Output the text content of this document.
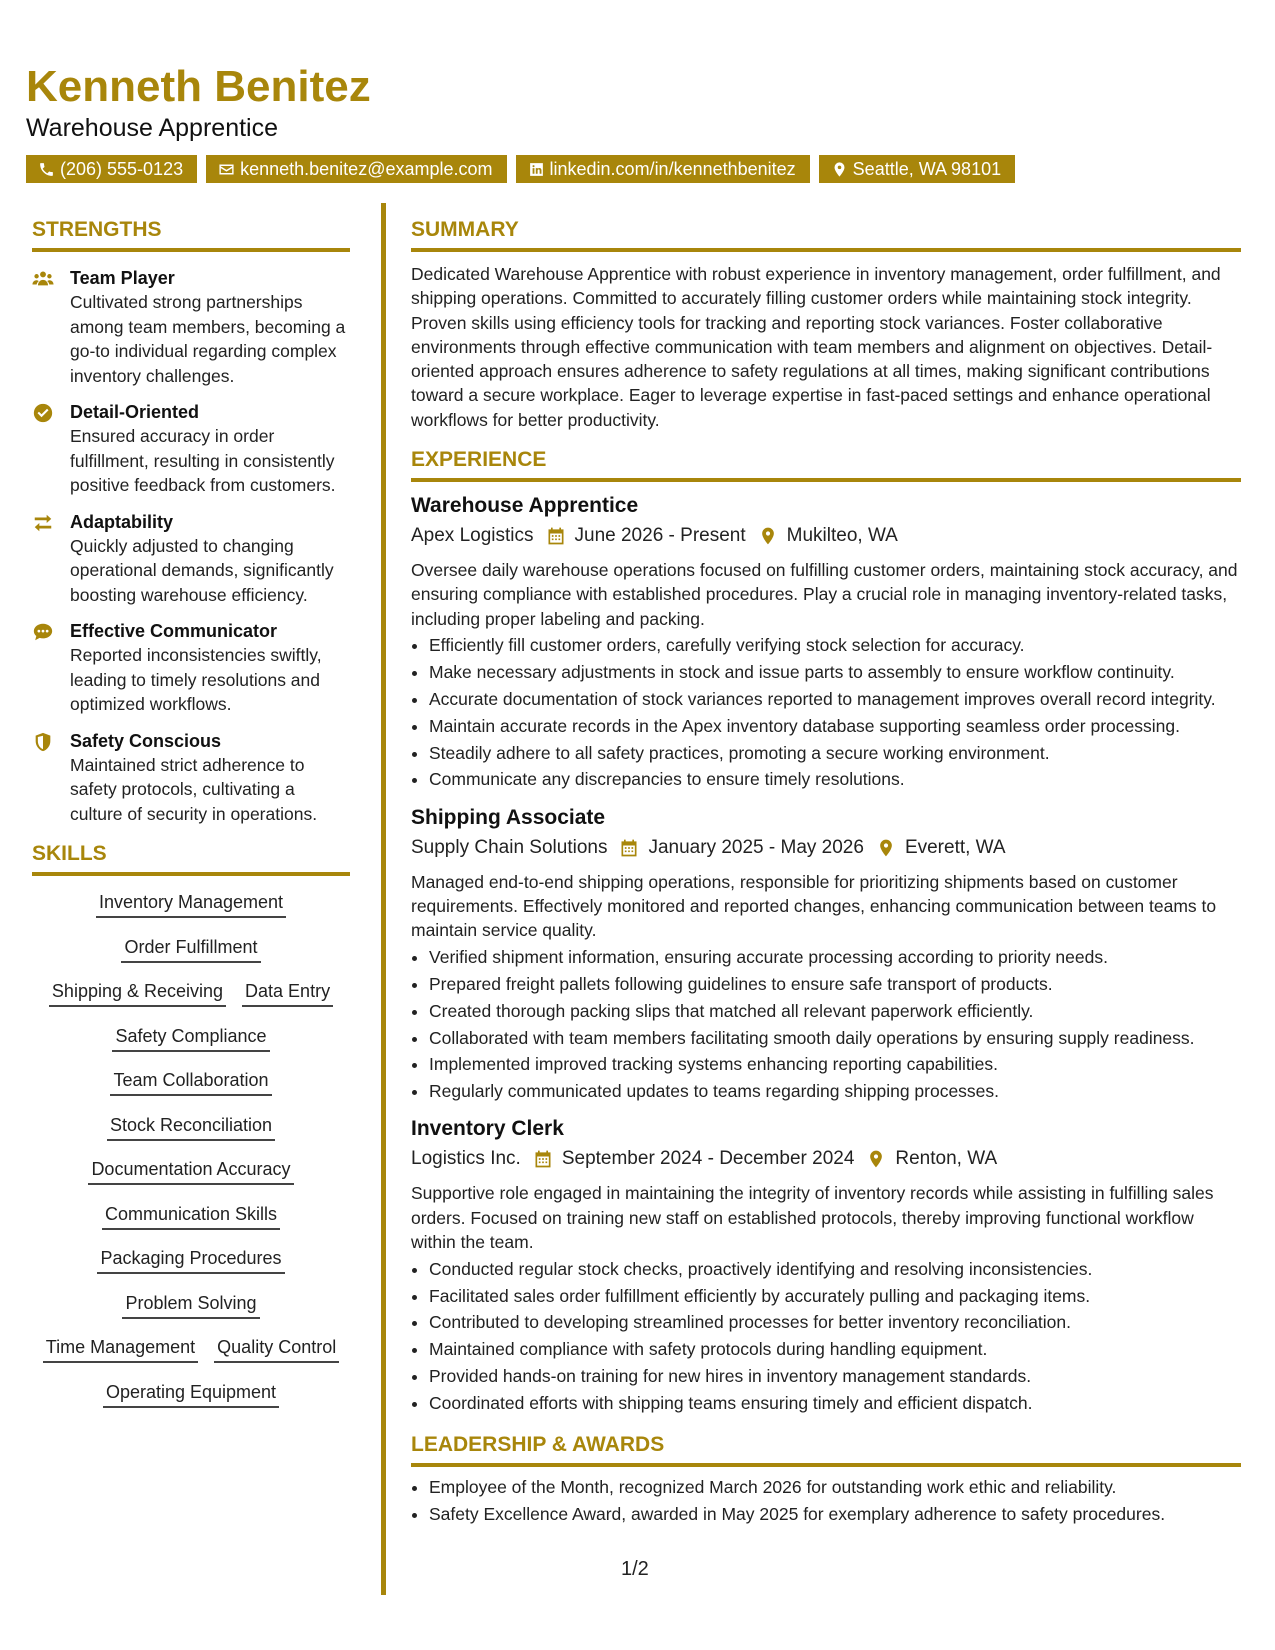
Kenneth Benitez
Warehouse Apprentice
(206) 555-0123	kenneth.benitez@example.com	linkedin.com/in/kennethbenitez	Seattle, WA 98101
STRENGTHS
Team Player
Cultivated strong partnerships among team members, becoming a go-to individual regarding complex inventory challenges.
Detail-Oriented
Ensured accuracy in order fulfillment, resulting in consistently positive feedback from customers.
Adaptability
Quickly adjusted to changing operational demands, significantly boosting warehouse efficiency.
Effective Communicator
Reported inconsistencies swiftly, leading to timely resolutions and optimized workflows.
Safety Conscious
Maintained strict adherence to safety protocols, cultivating a culture of security in operations.
SKILLS
Inventory Management
Order Fulfillment
Shipping & Receiving Data Entry
Safety Compliance
Team Collaboration
Stock Reconciliation
Documentation Accuracy
Communication Skills
Packaging Procedures
Problem Solving
Time Management Quality Control
Operating Equipment
SUMMARY

Dedicated Warehouse Apprentice with robust experience in inventory management, order fulfillment, and shipping operations. Committed to accurately filling customer orders while maintaining stock integrity. Proven skills using efficiency tools for tracking and reporting stock variances. Foster collaborative environments through effective communication with team members and alignment on objectives. Detail-oriented approach ensures adherence to safety regulations at all times, making significant contributions toward a secure workplace. Eager to leverage expertise in fast-paced settings and enhance operational workflows for better productivity.

EXPERIENCE
Warehouse Apprentice
Apex Logistics June 2026 - Present Mukilteo, WA

Oversee daily warehouse operations focused on fulfilling customer orders, maintaining stock accuracy, and ensuring compliance with established procedures. Play a crucial role in managing inventory-related tasks, including proper labeling and packing.

• Efficiently fill customer orders, carefully verifying stock selection for accuracy.
• Make necessary adjustments in stock and issue parts to assembly to ensure workflow continuity.
• Accurate documentation of stock variances reported to management improves overall record integrity.
• Maintain accurate records in the Apex inventory database supporting seamless order processing.
• Steadily adhere to all safety practices, promoting a secure working environment.
• Communicate any discrepancies to ensure timely resolutions.
Shipping Associate
Supply Chain Solutions January 2025 - May 2026 Everett, WA

Managed end-to-end shipping operations, responsible for prioritizing shipments based on customer requirements. Effectively monitored and reported changes, enhancing communication between teams to maintain service quality.

• Verified shipment information, ensuring accurate processing according to priority needs.
• Prepared freight pallets following guidelines to ensure safe transport of products.
• Created thorough packing slips that matched all relevant paperwork efficiently.
• Collaborated with team members facilitating smooth daily operations by ensuring supply readiness.
• Implemented improved tracking systems enhancing reporting capabilities.
• Regularly communicated updates to teams regarding shipping processes.
Inventory Clerk
Logistics Inc. September 2024 - December 2024 Renton, WA

Supportive role engaged in maintaining the integrity of inventory records while assisting in fulfilling sales orders. Focused on training new staff on established protocols, thereby improving functional workflow within the team.

• Conducted regular stock checks, proactively identifying and resolving inconsistencies.
• Facilitated sales order fulfillment efficiently by accurately pulling and packaging items.
• Contributed to developing streamlined processes for better inventory reconciliation.
• Maintained compliance with safety protocols during handling equipment.
• Provided hands-on training for new hires in inventory management standards.
• Coordinated efforts with shipping teams ensuring timely and efficient dispatch.
LEADERSHIP & AWARDS
• Employee of the Month, recognized March 2026 for outstanding work ethic and reliability.
• Safety Excellence Award, awarded in May 2025 for exemplary adherence to safety procedures.
1/2
